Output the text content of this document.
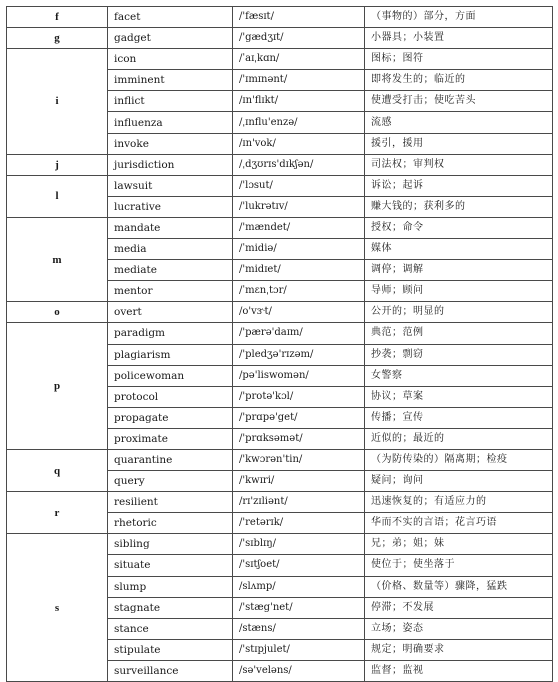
f	facet	/'fæsɪt/	（事物的）部分，方面
g	gadget	/'gædʒɪt/	小器具；小装置
i	icon	/ˈaɪˌkɑn/	图标；图符
	imminent	/'ɪmɪnənt/	即将发生的；临近的
	inflict	/ɪn'flɪkt/	使遭受打击；使吃苦头
	influenza	/ˌɪnflu'enzə/	流感
	invoke	/ɪn'vok/	援引，援用
j	jurisdiction	/ˌdʒʊrɪs'dɪkʃən/	司法权；审判权
l	lawsuit	/'lɔsut/	诉讼；起诉
	lucrative	/'lukrətɪv/	赚大钱的；获利多的
m	mandate	/'mændet/	授权；命令
	media	/ˈmidiə/	媒体
	mediate	/'midɪet/	调停；调解
	mentor	/ˈmɛnˌtɔr/	导师；顾问
o	overt	/o'vɝt/	公开的；明显的
p	paradigm	/'pærə'daɪm/	典范；范例
	plagiarism	/'pledʒə'rɪzəm/	抄袭；剽窃
	policewoman	/pə'liswomən/	女警察
	protocol	/'protə'kɔl/	协议；草案
	propagate	/'prɑpə'get/	传播；宣传
	proximate	/'prɑksəmət/	近似的；最近的
q	quarantine	/'kwɔrən'tin/	（为防传染的）隔离期；检疫
	query	/'kwɪri/	疑问；询问
r	resilient	/rɪ'zɪliənt/	迅速恢复的；有适应力的
	rhetoric	/'retərɪk/	华而不实的言语；花言巧语
s	sibling	/'sɪblɪŋ/	兄；弟；姐；妹
	situate	/'sɪtʃoet/	使位于；使坐落于
	slump	/slʌmp/	（价格、数量等）骤降，猛跌
	stagnate	/'stæg'net/	停滞；不发展
	stance	/stæns/	立场；姿态
	stipulate	/'stɪpjulet/	规定；明确要求
	surveillance	/sə'veləns/	监督；监视
